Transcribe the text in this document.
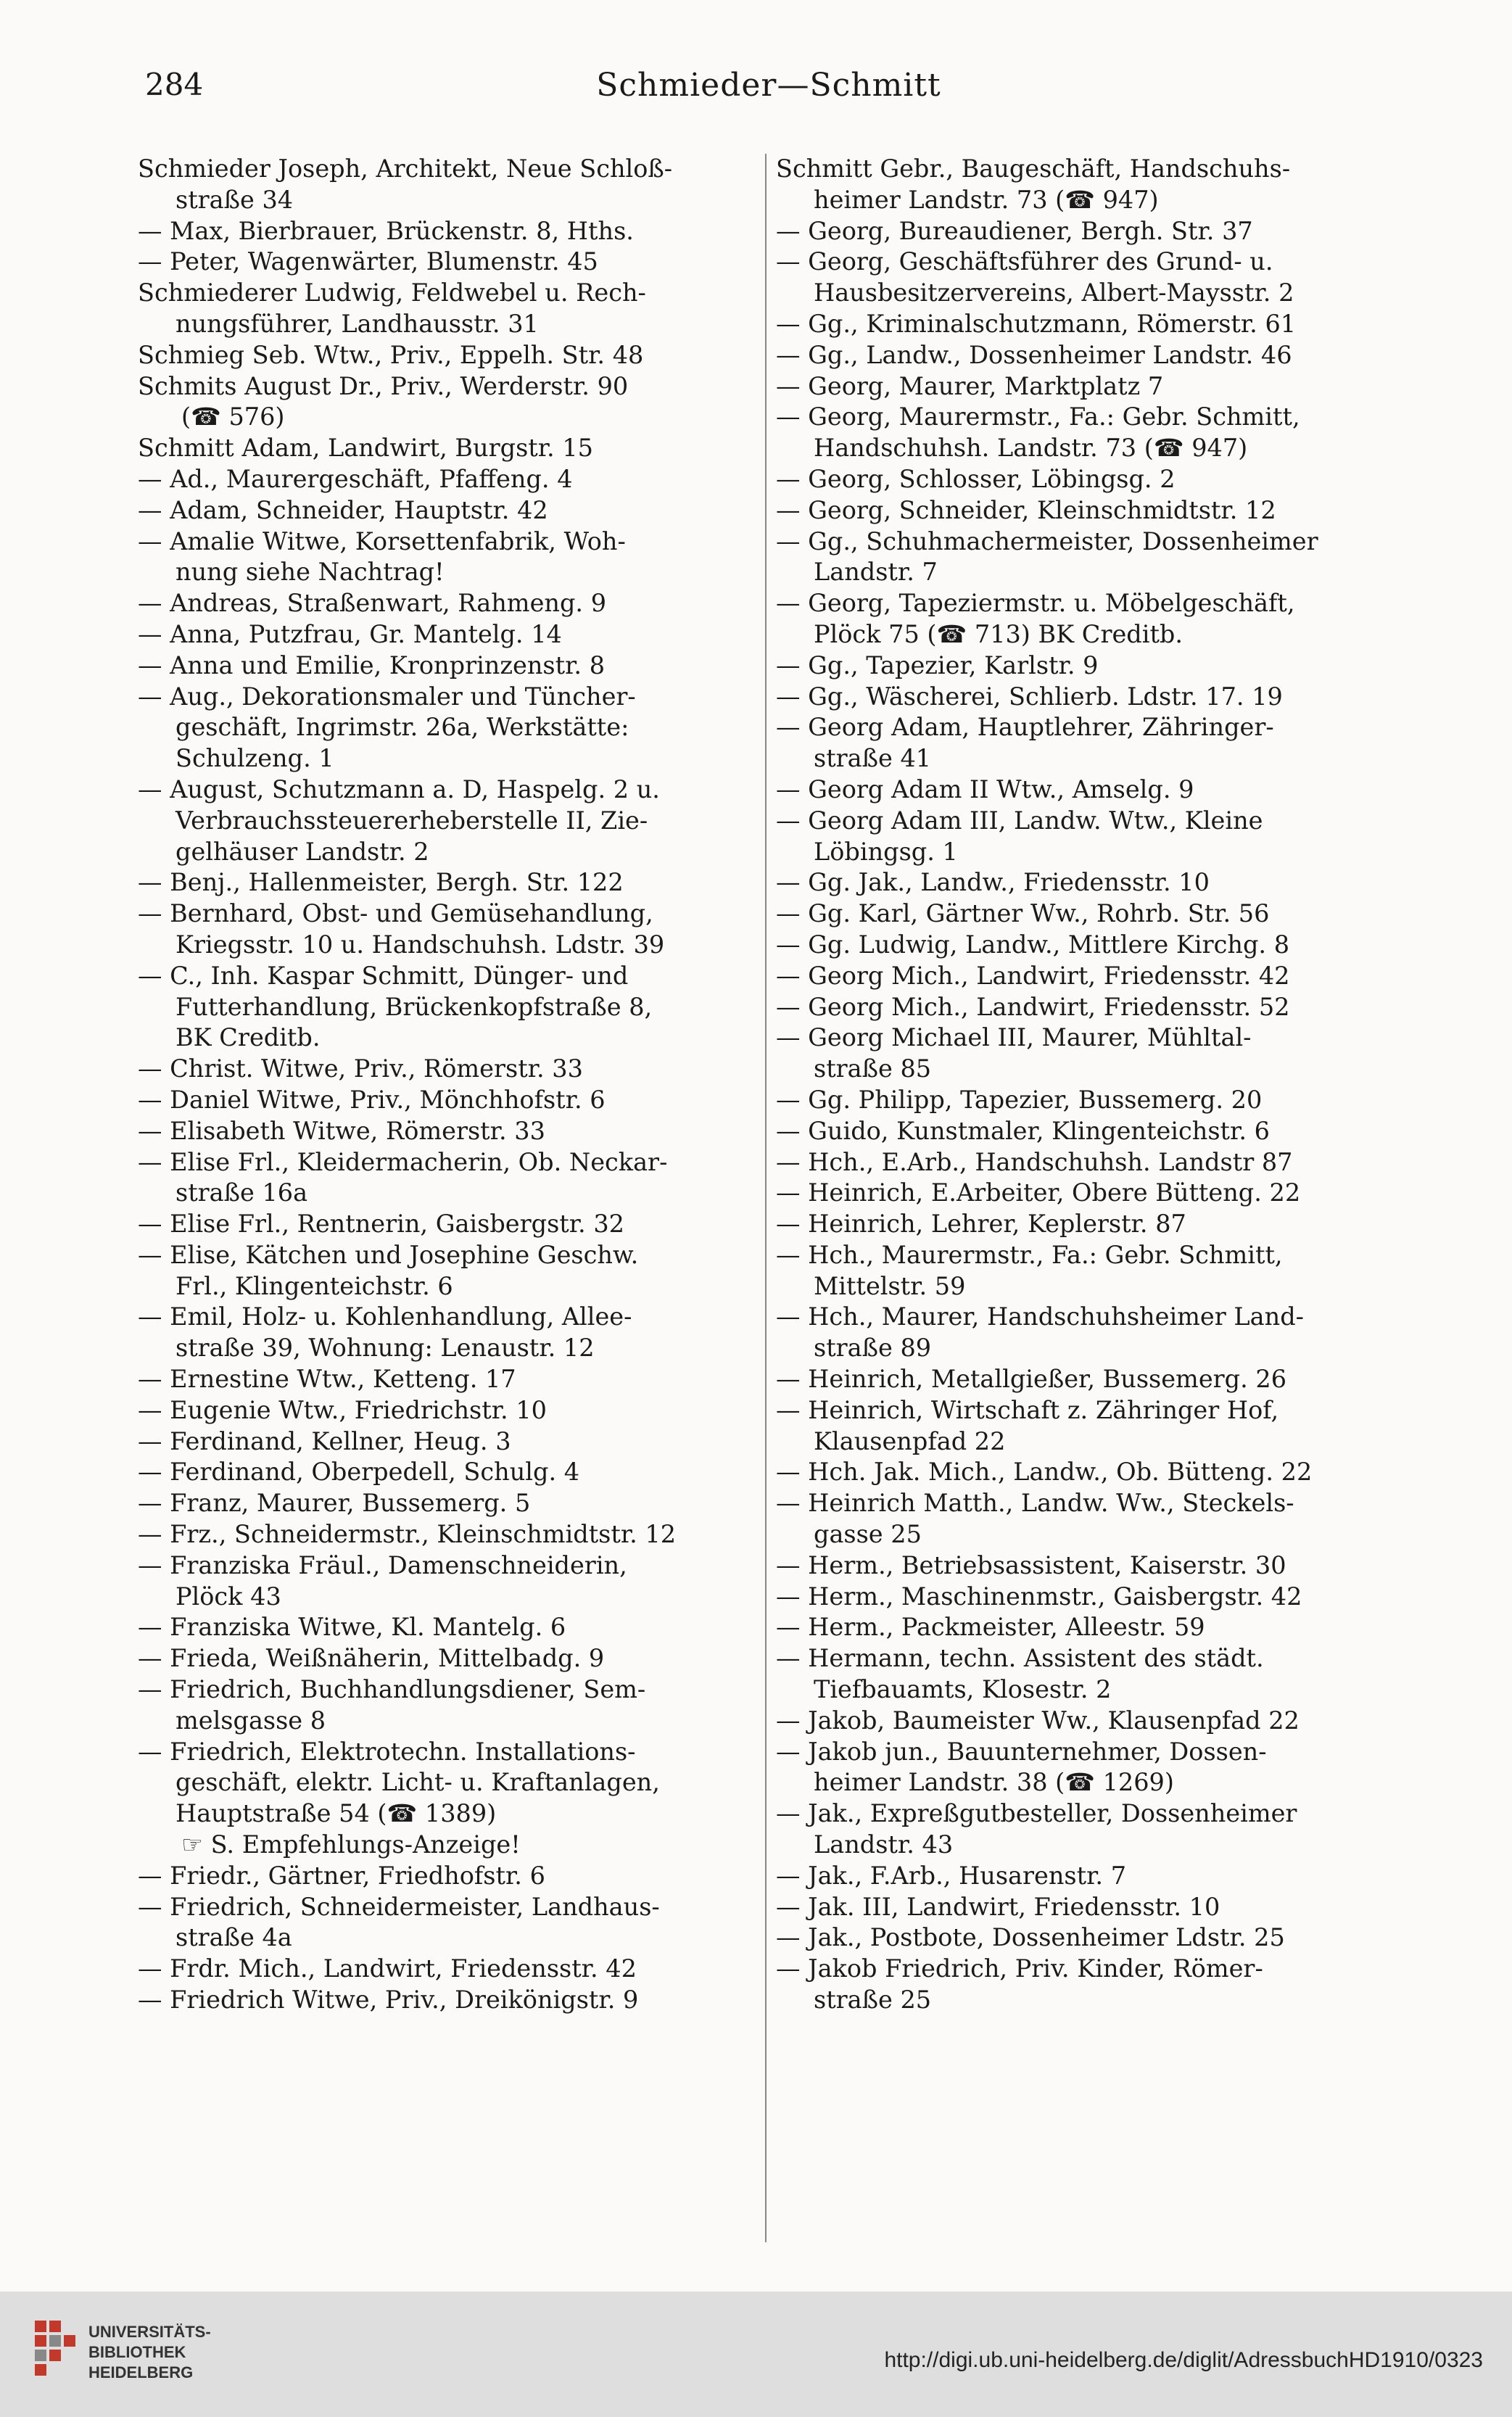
284	Schmieder—Schmitt
Schmieder Joseph, Architekt, Neue Schloß-
straße 34
— Max, Bierbrauer, Brückenstr. 8, Hths.
— Peter, Wagenwärter, Blumenstr. 45
Schmiederer Ludwig, Feldwebel u. Rech-
nungsführer, Landhausstr. 31
Schmieg Seb. Wtw., Priv., Eppelh. Str. 48
Schmits August Dr., Priv., Werderstr. 90
(☎ 576)
Schmitt Adam, Landwirt, Burgstr. 15
— Ad., Maurergeschäft, Pfaffeng. 4
— Adam, Schneider, Hauptstr. 42
— Amalie Witwe, Korsettenfabrik, Woh-
nung siehe Nachtrag!
— Andreas, Straßenwart, Rahmeng. 9
— Anna, Putzfrau, Gr. Mantelg. 14
— Anna und Emilie, Kronprinzenstr. 8
— Aug., Dekorationsmaler und Tüncher-
geschäft, Ingrimstr. 26a, Werkstätte:
Schulzeng. 1
— August, Schutzmann a. D, Haspelg. 2 u.
Verbrauchssteuererheberstelle II, Zie-
gelhäuser Landstr. 2
— Benj., Hallenmeister, Bergh. Str. 122
— Bernhard, Obst- und Gemüsehandlung,
Kriegsstr. 10 u. Handschuhsh. Ldstr. 39
— C., Inh. Kaspar Schmitt, Dünger- und
Futterhandlung, Brückenkopfstraße 8,
BK Creditb.
— Christ. Witwe, Priv., Römerstr. 33
— Daniel Witwe, Priv., Mönchhofstr. 6
— Elisabeth Witwe, Römerstr. 33
— Elise Frl., Kleidermacherin, Ob. Neckar-
straße 16a
— Elise Frl., Rentnerin, Gaisbergstr. 32
— Elise, Kätchen und Josephine Geschw.
Frl., Klingenteichstr. 6
— Emil, Holz- u. Kohlenhandlung, Allee-
straße 39, Wohnung: Lenaustr. 12
— Ernestine Wtw., Ketteng. 17
— Eugenie Wtw., Friedrichstr. 10
— Ferdinand, Kellner, Heug. 3
— Ferdinand, Oberpedell, Schulg. 4
— Franz, Maurer, Bussemerg. 5
— Frz., Schneidermstr., Kleinschmidtstr. 12
— Franziska Fräul., Damenschneiderin,
Plöck 43
— Franziska Witwe, Kl. Mantelg. 6
— Frieda, Weißnäherin, Mittelbadg. 9
— Friedrich, Buchhandlungsdiener, Sem-
melsgasse 8
— Friedrich, Elektrotechn. Installations-
geschäft, elektr. Licht- u. Kraftanlagen,
Hauptstraße 54 (☎ 1389)
☞ S. Empfehlungs-Anzeige!
— Friedr., Gärtner, Friedhofstr. 6
— Friedrich, Schneidermeister, Landhaus-
straße 4a
— Frdr. Mich., Landwirt, Friedensstr. 42
— Friedrich Witwe, Priv., Dreikönigstr. 9
Schmitt Gebr., Baugeschäft, Handschuhs-
heimer Landstr. 73 (☎ 947)
— Georg, Bureaudiener, Bergh. Str. 37
— Georg, Geschäftsführer des Grund- u.
Hausbesitzervereins, Albert-Maysstr. 2
— Gg., Kriminalschutzmann, Römerstr. 61
— Gg., Landw., Dossenheimer Landstr. 46
— Georg, Maurer, Marktplatz 7
— Georg, Maurermstr., Fa.: Gebr. Schmitt,
Handschuhsh. Landstr. 73 (☎ 947)
— Georg, Schlosser, Löbingsg. 2
— Georg, Schneider, Kleinschmidtstr. 12
— Gg., Schuhmachermeister, Dossenheimer
Landstr. 7
— Georg, Tapeziermstr. u. Möbelgeschäft,
Plöck 75 (☎ 713) BK Creditb.
— Gg., Tapezier, Karlstr. 9
— Gg., Wäscherei, Schlierb. Ldstr. 17. 19
— Georg Adam, Hauptlehrer, Zähringer-
straße 41
— Georg Adam II Wtw., Amselg. 9
— Georg Adam III, Landw. Wtw., Kleine
Löbingsg. 1
— Gg. Jak., Landw., Friedensstr. 10
— Gg. Karl, Gärtner Ww., Rohrb. Str. 56
— Gg. Ludwig, Landw., Mittlere Kirchg. 8
— Georg Mich., Landwirt, Friedensstr. 42
— Georg Mich., Landwirt, Friedensstr. 52
— Georg Michael III, Maurer, Mühltal-
straße 85
— Gg. Philipp, Tapezier, Bussemerg. 20
— Guido, Kunstmaler, Klingenteichstr. 6
— Hch., E.Arb., Handschuhsh. Landstr 87
— Heinrich, E.Arbeiter, Obere Bütteng. 22
— Heinrich, Lehrer, Keplerstr. 87
— Hch., Maurermstr., Fa.: Gebr. Schmitt,
Mittelstr. 59
— Hch., Maurer, Handschuhsheimer Land-
straße 89
— Heinrich, Metallgießer, Bussemerg. 26
— Heinrich, Wirtschaft z. Zähringer Hof,
Klausenpfad 22
— Hch. Jak. Mich., Landw., Ob. Bütteng. 22
— Heinrich Matth., Landw. Ww., Steckels-
gasse 25
— Herm., Betriebsassistent, Kaiserstr. 30
— Herm., Maschinenmstr., Gaisbergstr. 42
— Herm., Packmeister, Alleestr. 59
— Hermann, techn. Assistent des städt.
Tiefbauamts, Klosestr. 2
— Jakob, Baumeister Ww., Klausenpfad 22
— Jakob jun., Bauunternehmer, Dossen-
heimer Landstr. 38 (☎ 1269)
— Jak., Expreßgutbesteller, Dossenheimer
Landstr. 43
— Jak., F.Arb., Husarenstr. 7
— Jak. III, Landwirt, Friedensstr. 10
— Jak., Postbote, Dossenheimer Ldstr. 25
— Jakob Friedrich, Priv. Kinder, Römer-
straße 25
UNIVERSITÄTS-
BIBLIOTHEK
HEIDELBERG
http://digi.ub.uni-heidelberg.de/diglit/AdressbuchHD1910/0323
